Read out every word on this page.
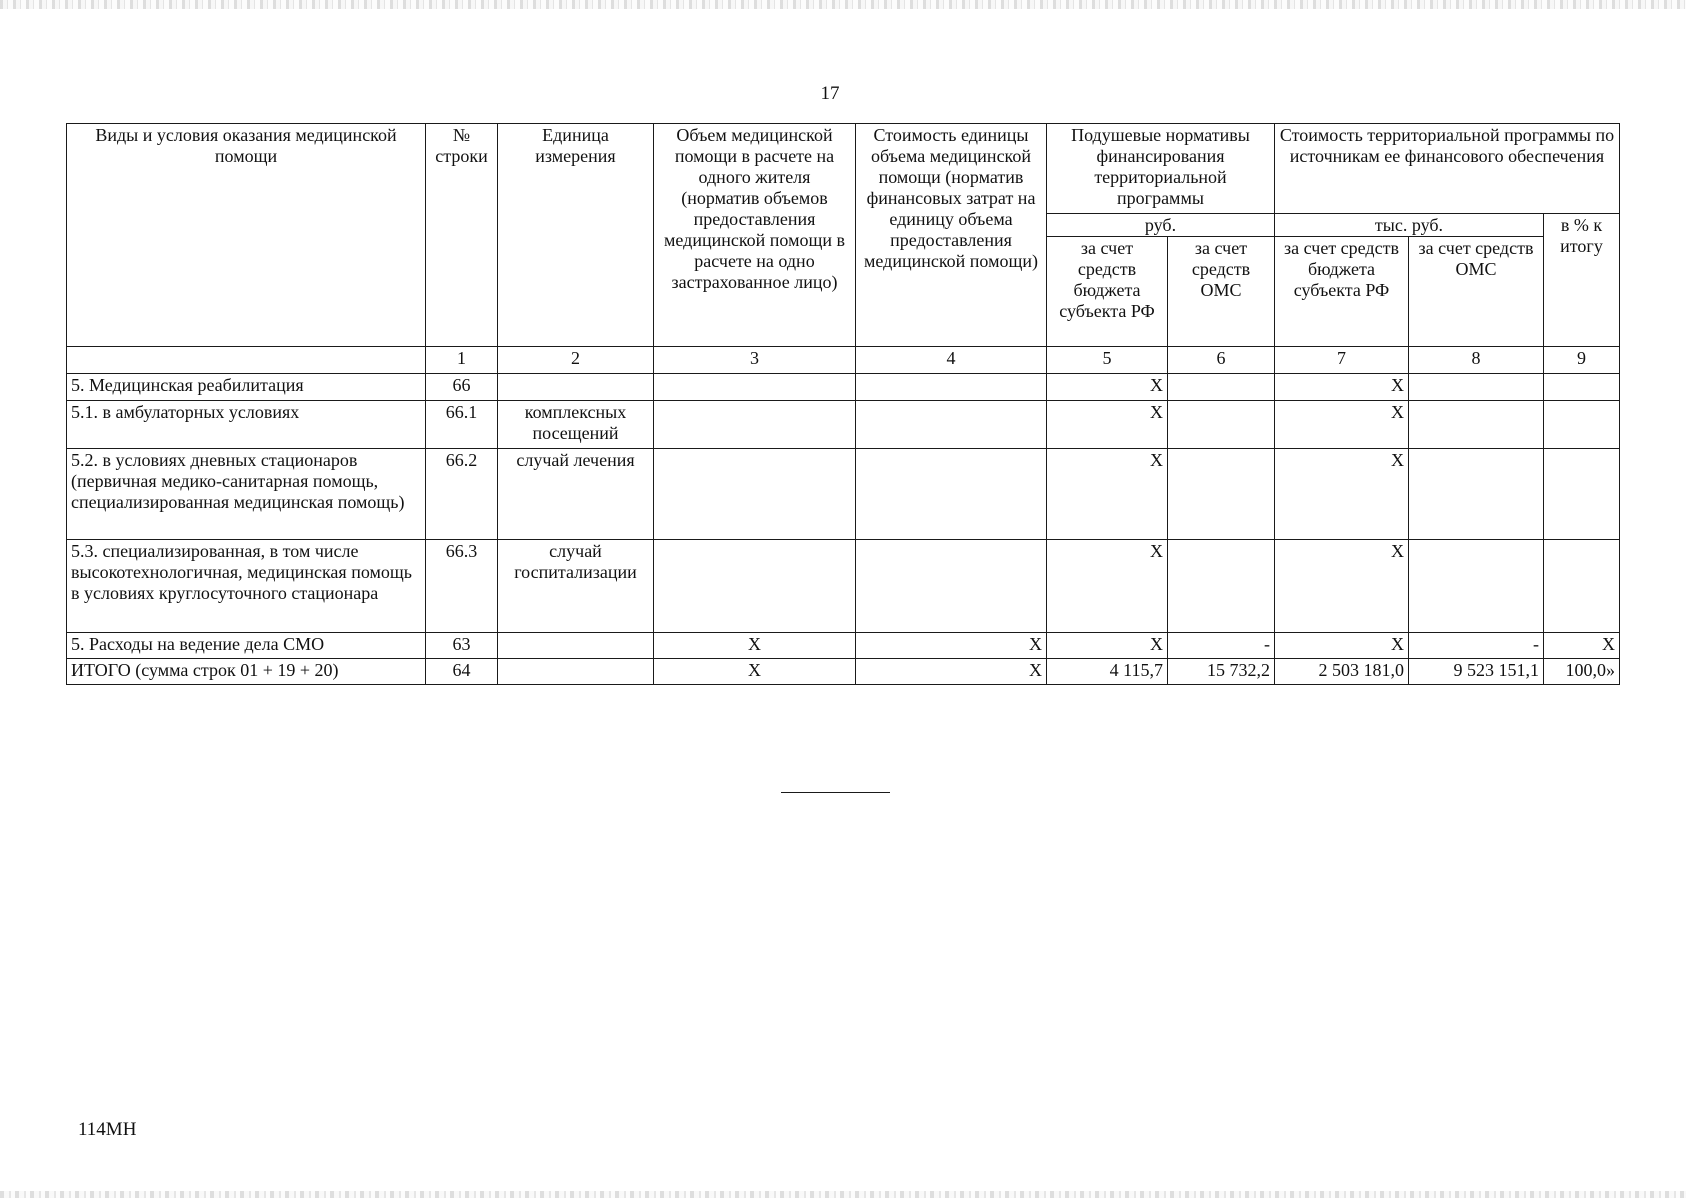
17
Виды и условия оказания медицинской помощи	№ строки	Единица измерения	Объем медицинской помощи в расчете на одного жителя (норматив объемов предоставления медицинской помощи в расчете на одно застрахованное лицо)	Стоимость единицы объема медицинской помощи (норматив финансовых затрат на единицу объема предоставления медицинской помощи)	Подушевые нормативы финансирования территориальной программы		Стоимость территориальной программы по источникам ее финансового обеспечения		
					руб.		тыс. руб.		в % к итогу
					за счет средств бюджета субъекта РФ	за счет средств ОМС	за счет средств бюджета субъекта РФ	за счет средств ОМС	
	1	2	3	4	5	6	7	8	9
5. Медицинская реабилитация	66				X		X		
5.1. в амбулаторных условиях	66.1	комплексных посещений			X		X		
5.2. в условиях дневных стационаров (первичная медико-санитарная помощь, специализированная медицинская помощь)	66.2	случай лечения			X		X		
5.3. специализированная, в том числе высокотехнологичная, медицинская помощь в условиях круглосуточного стационара	66.3	случай госпитализации			X		X		
5. Расходы на ведение дела СМО	63		X	X	X	-	X	-	X
ИТОГО (сумма строк 01 + 19 + 20)	64		X	X	4 115,7	15 732,2	2 503 181,0	9 523 151,1	100,0»
114МН
